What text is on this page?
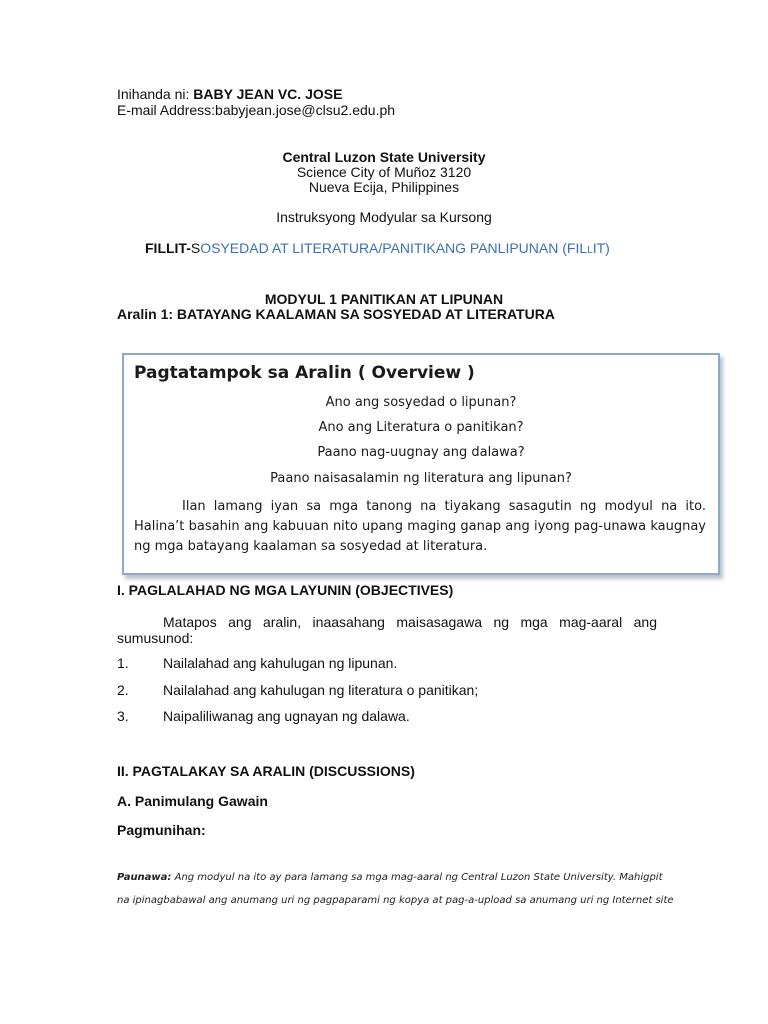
Inihanda ni: BABY JEAN VC. JOSE
E-mail Address:babyjean.jose@clsu2.edu.ph
Central Luzon State University
Science City of Muñoz 3120
Nueva Ecija, Philippines
Instruksyong Modyular sa Kursong
FILLIT-SOSYEDAD AT LITERATURA/PANITIKANG PANLIPUNAN (FILLIT)
MODYUL 1 PANITIKAN AT LIPUNAN
Aralin 1: BATAYANG KAALAMAN SA SOSYEDAD AT LITERATURA
Pagtatampok sa Aralin ( Overview )
Ano ang sosyedad o lipunan?
Ano ang Literatura o panitikan?
Paano nag-uugnay ang dalawa?
Paano naisasalamin ng literatura ang lipunan?
Ilan lamang iyan sa mga tanong na tiyakang sasagutin ng modyul na ito. Halina’t basahin ang kabuuan nito upang maging ganap ang iyong pag-unawa kaugnay ng mga batayang kaalaman sa sosyedad at literatura.
I. PAGLALAHAD NG MGA LAYUNIN (OBJECTIVES)
Matapos ang aralin, inaasahang maisasagawa ng mga mag-aaral ang
sumusunod:
1. Nailalahad ang kahulugan ng lipunan.
2. Nailalahad ang kahulugan ng literatura o panitikan;
3. Naipaliliwanag ang ugnayan ng dalawa.
II. PAGTALAKAY SA ARALIN (DISCUSSIONS)
A. Panimulang Gawain
Pagmunihan:
Paunawa: Ang modyul na ito ay para lamang sa mga mag-aaral ng Central Luzon State University. Mahigpit na ipinagbabawal ang anumang uri ng pagpaparami ng kopya at pag-a-upload sa anumang uri ng Internet site
